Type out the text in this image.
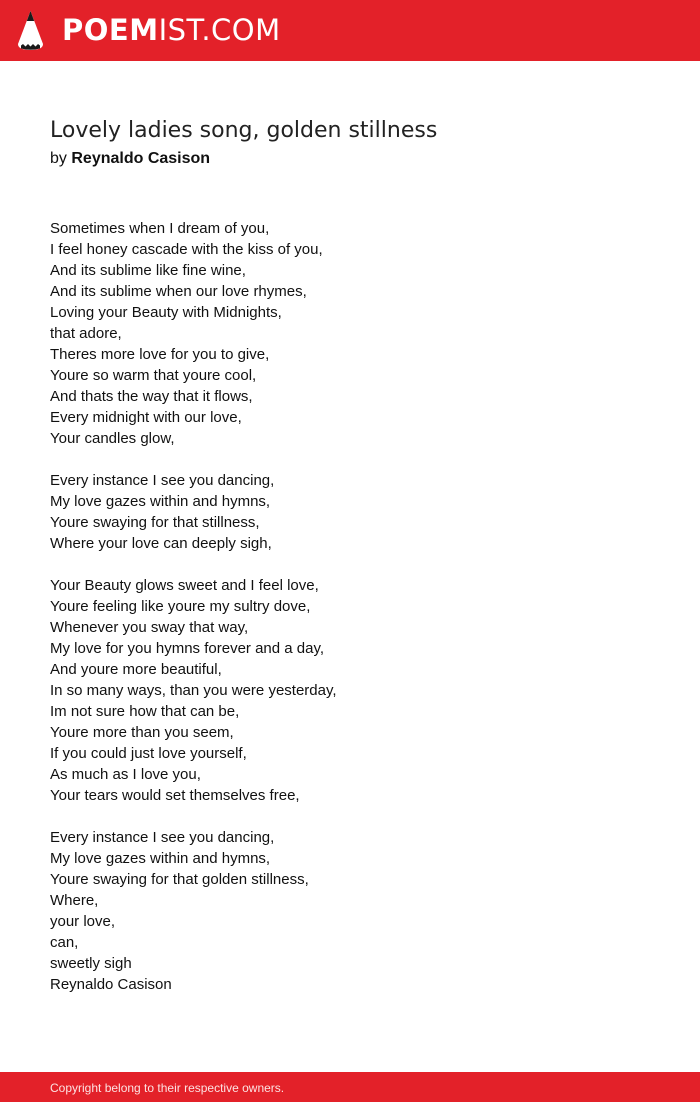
POEMIST.COM
Lovely ladies song, golden stillness
by Reynaldo Casison
Sometimes when I dream of you,
I feel honey cascade with the kiss of you,
And its sublime like fine wine,
And its sublime when our love rhymes,
Loving your Beauty with Midnights,
that adore,
Theres more love for you to give,
Youre so warm that youre cool,
And thats the way that it flows,
Every midnight with our love,
Your candles glow,
Every instance I see you dancing,
My love gazes within and hymns,
Youre swaying for that stillness,
Where your love can deeply sigh,
Your Beauty glows sweet and I feel love,
Youre feeling like youre my sultry dove,
Whenever you sway that way,
My love for you hymns forever and a day,
And youre more beautiful,
In so many ways, than you were yesterday,
Im not sure how that can be,
Youre more than you seem,
If you could just love yourself,
As much as I love you,
Your tears would set themselves free,
Every instance I see you dancing,
My love gazes within and hymns,
Youre swaying for that golden stillness,
Where,
your love,
can,
sweetly sigh
Reynaldo Casison
Copyright belong to their respective owners.
